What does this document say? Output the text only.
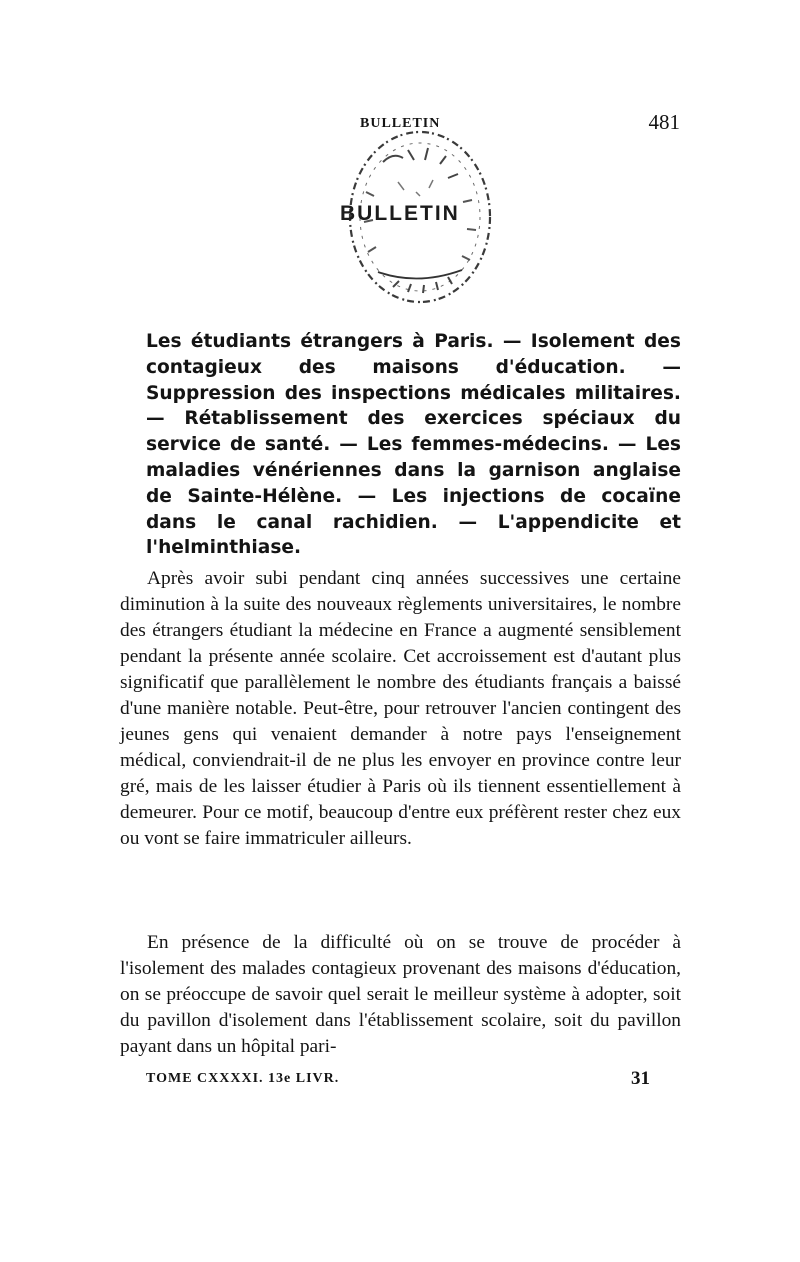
BULLETIN	481
BULLETIN

Les étudiants étrangers à Paris. — Isolement des contagieux des maisons d'éducation. — Suppression des inspections médicales militaires. — Rétablissement des exercices spéciaux du service de santé. — Les femmes-médecins. — Les maladies vénériennes dans la garnison anglaise de Sainte-Hélène. — Les injections de cocaïne dans le canal rachidien. — L'appendicite et l'helminthiase.

Après avoir subi pendant cinq années successives une certaine diminution à la suite des nouveaux règlements universitaires, le nombre des étrangers étudiant la médecine en France a augmenté sensiblement pendant la présente année scolaire. Cet accroissement est d'autant plus significatif que parallèlement le nombre des étudiants français a baissé d'une manière notable. Peut-être, pour retrouver l'ancien contingent des jeunes gens qui venaient demander à notre pays l'enseignement médical, conviendrait-il de ne plus les envoyer en province contre leur gré, mais de les laisser étudier à Paris où ils tiennent essentiellement à demeurer. Pour ce motif, beaucoup d'entre eux préfèrent rester chez eux ou vont se faire immatriculer ailleurs.

En présence de la difficulté où on se trouve de procéder à l'isolement des malades contagieux provenant des maisons d'éducation, on se préoccupe de savoir quel serait le meilleur système à adopter, soit du pavillon d'isolement dans l'établissement scolaire, soit du pavillon payant dans un hôpital pari-

TOME CXXXXI. 13e LIVR.	31
